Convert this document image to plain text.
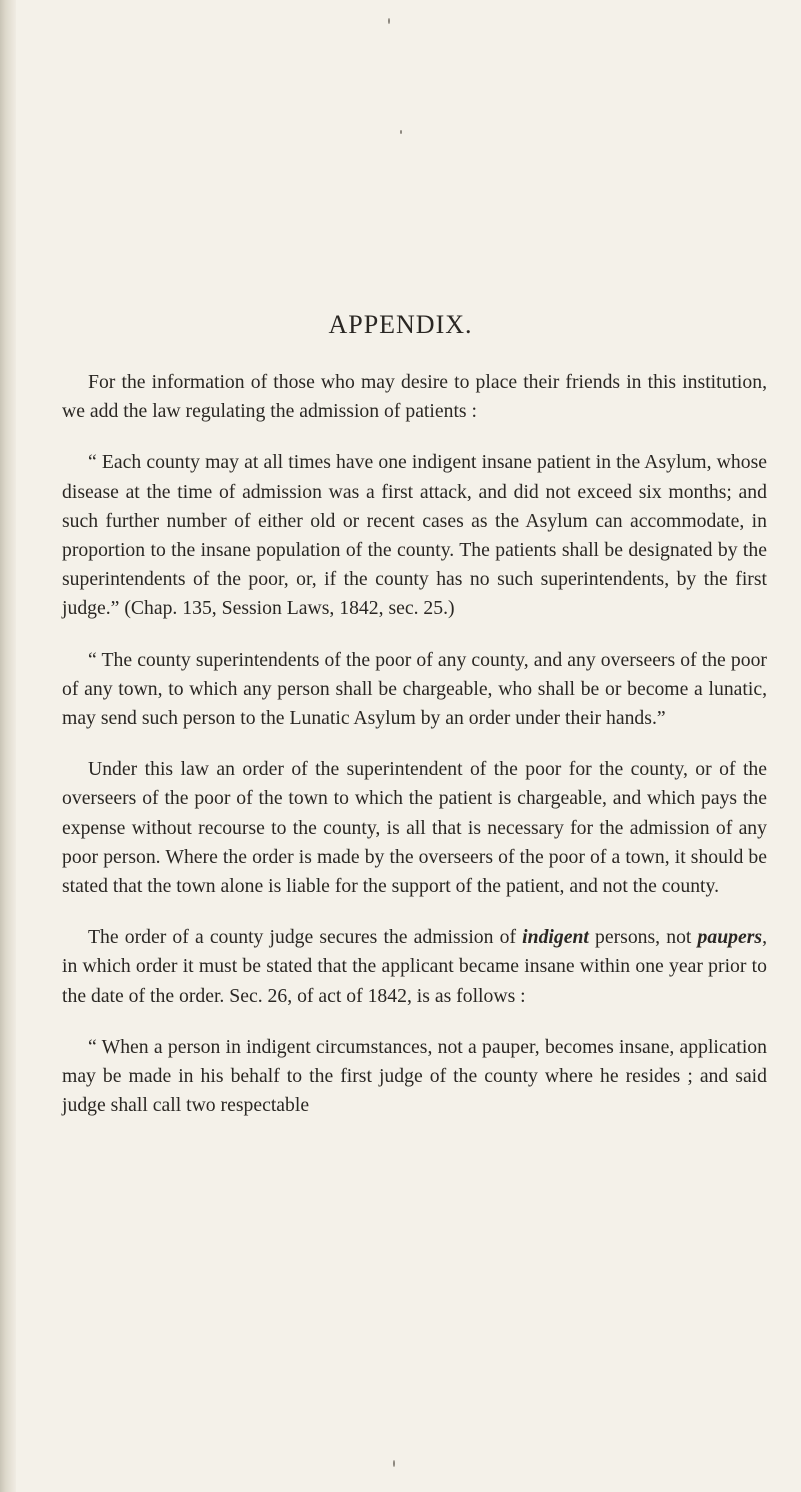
APPENDIX.

For the information of those who may desire to place their friends in this institution, we add the law regulating the admission of patients :

“ Each county may at all times have one indigent insane patient in the Asylum, whose disease at the time of admission was a first attack, and did not exceed six months; and such further number of either old or recent cases as the Asylum can accommodate, in proportion to the insane population of the county. The patients shall be designated by the superintendents of the poor, or, if the county has no such superintendents, by the first judge.” (Chap. 135, Session Laws, 1842, sec. 25.)

“ The county superintendents of the poor of any county, and any overseers of the poor of any town, to which any person shall be chargeable, who shall be or become a lunatic, may send such person to the Lunatic Asylum by an order under their hands.”

Under this law an order of the superintendent of the poor for the county, or of the overseers of the poor of the town to which the patient is chargeable, and which pays the expense without recourse to the county, is all that is necessary for the admission of any poor person. Where the order is made by the overseers of the poor of a town, it should be stated that the town alone is liable for the support of the patient, and not the county.

The order of a county judge secures the admission of indigent persons, not paupers, in which order it must be stated that the applicant became insane within one year prior to the date of the order. Sec. 26, of act of 1842, is as follows :

“ When a person in indigent circumstances, not a pauper, becomes insane, application may be made in his behalf to the first judge of the county where he resides ; and said judge shall call two respectable
